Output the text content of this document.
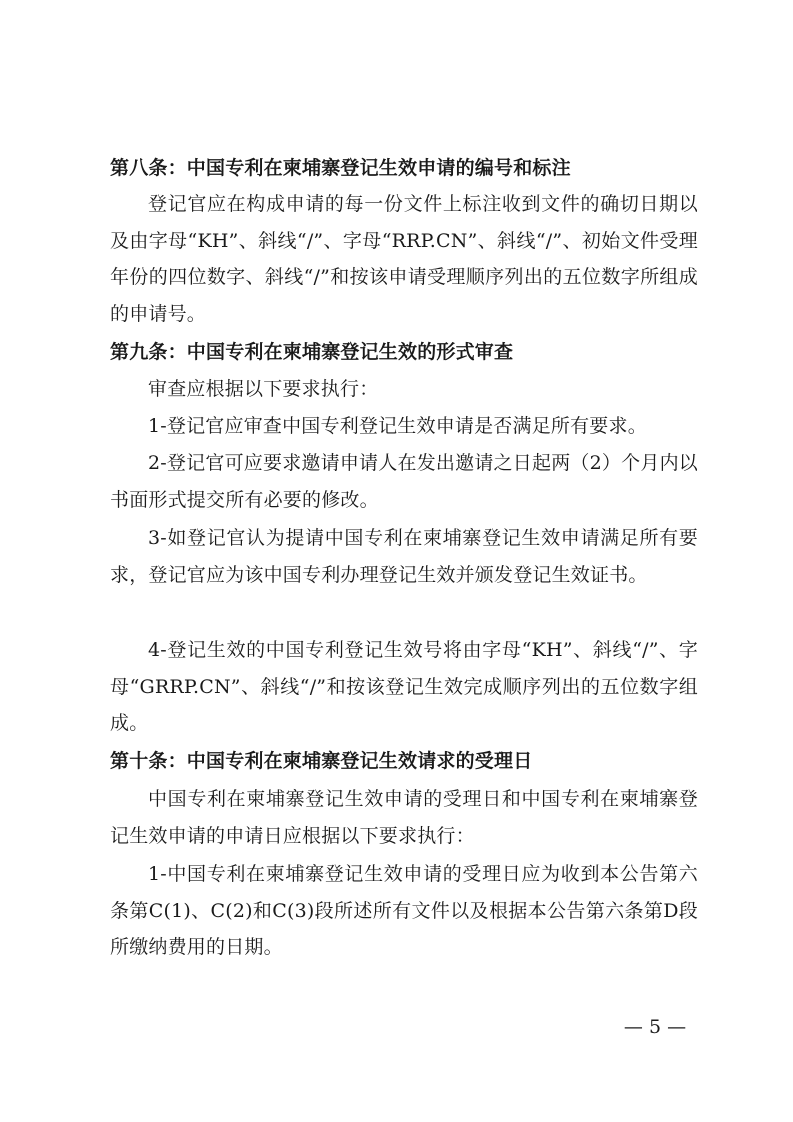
第八条：中国专利在柬埔寨登记生效申请的编号和标注

登记官应在构成申请的每一份文件上标注收到文件的确切日期以及由字母“KH”、斜线“/”、字母“RRP.CN”、斜线“/”、初始文件受理年份的四位数字、斜线“/”和按该申请受理顺序列出的五位数字所组成的申请号。

第九条：中国专利在柬埔寨登记生效的形式审查

审查应根据以下要求执行：

1-登记官应审查中国专利登记生效申请是否满足所有要求。

2-登记官可应要求邀请申请人在发出邀请之日起两（2）个月内以书面形式提交所有必要的修改。

3-如登记官认为提请中国专利在柬埔寨登记生效申请满足所有要求，登记官应为该中国专利办理登记生效并颁发登记生效证书。

4-登记生效的中国专利登记生效号将由字母“KH”、斜线“/”、字母“GRRP.CN”、斜线“/”和按该登记生效完成顺序列出的五位数字组成。

第十条：中国专利在柬埔寨登记生效请求的受理日

中国专利在柬埔寨登记生效申请的受理日和中国专利在柬埔寨登记生效申请的申请日应根据以下要求执行：

1-中国专利在柬埔寨登记生效申请的受理日应为收到本公告第六条第C(1)、C(2)和C(3)段所述所有文件以及根据本公告第六条第D段所缴纳费用的日期。

— 5 —
